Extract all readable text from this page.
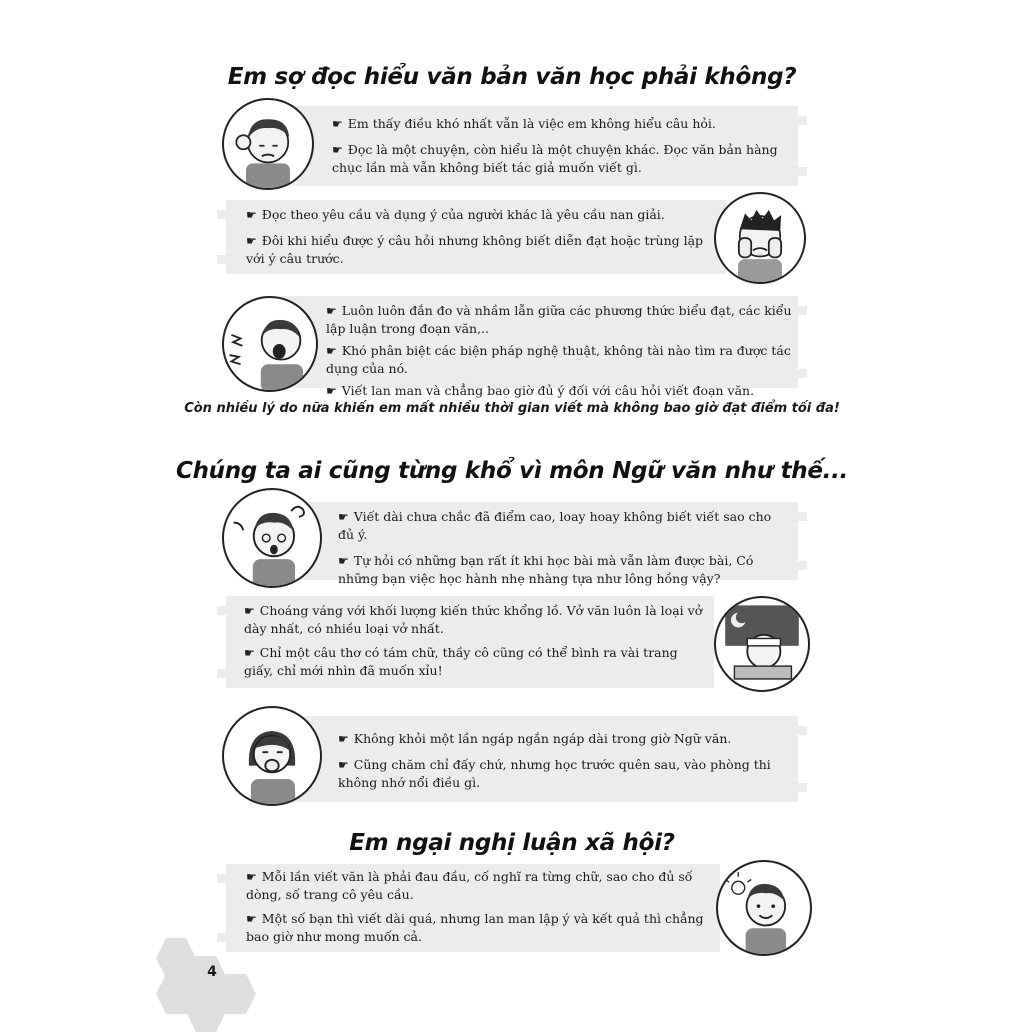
Em sợ đọc hiểu văn bản văn học phải không?

☛ Em thấy điều khó nhất vẫn là việc em không hiểu câu hỏi.

☛ Đọc là một chuyện, còn hiểu là một chuyện khác. Đọc văn bản hàng chục lần mà vẫn không biết tác giả muốn viết gì.

☛ Đọc theo yêu cầu và dụng ý của người khác là yêu cầu nan giải.

☛ Đôi khi hiểu được ý câu hỏi nhưng không biết diễn đạt hoặc trùng lặp với ý câu trước.

☛ Luôn luôn đắn đo và nhầm lẫn giữa các phương thức biểu đạt, các kiểu lập luận trong đoạn văn,..

☛ Khó phân biệt các biện pháp nghệ thuật, không tài nào tìm ra được tác dụng của nó.

☛ Viết lan man và chẳng bao giờ đủ ý đối với câu hỏi viết đoạn văn.

Còn nhiều lý do nữa khiến em mất nhiều thời gian viết mà không bao giờ đạt điểm tối đa!

Chúng ta ai cũng từng khổ vì môn Ngữ văn như thế...

☛ Viết dài chưa chắc đã điểm cao, loay hoay không biết viết sao cho đủ ý.

☛ Tự hỏi có những bạn rất ít khi học bài mà vẫn làm được bài, Có những bạn việc học hành nhẹ nhàng tựa như lông hồng vậy?

☛ Choáng váng với khối lượng kiến thức khổng lồ. Vở văn luôn là loại vở dày nhất, có nhiều loại vở nhất.

☛ Chỉ một câu thơ có tám chữ, thầy cô cũng có thể bình ra vài trang giấy, chỉ mới nhìn đã muốn xỉu!

☛ Không khỏi một lần ngáp ngắn ngáp dài trong giờ Ngữ văn.

☛ Cũng chăm chỉ đấy chứ, nhưng học trước quên sau, vào phòng thi không nhớ nổi điều gì.

Em ngại nghị luận xã hội?

☛ Mỗi lần viết văn là phải đau đầu, cố nghĩ ra từng chữ, sao cho đủ số dòng, số trang cô yêu cầu.

☛ Một số bạn thì viết dài quá, nhưng lan man lập ý và kết quả thì chẳng bao giờ như mong muốn cả.

4
